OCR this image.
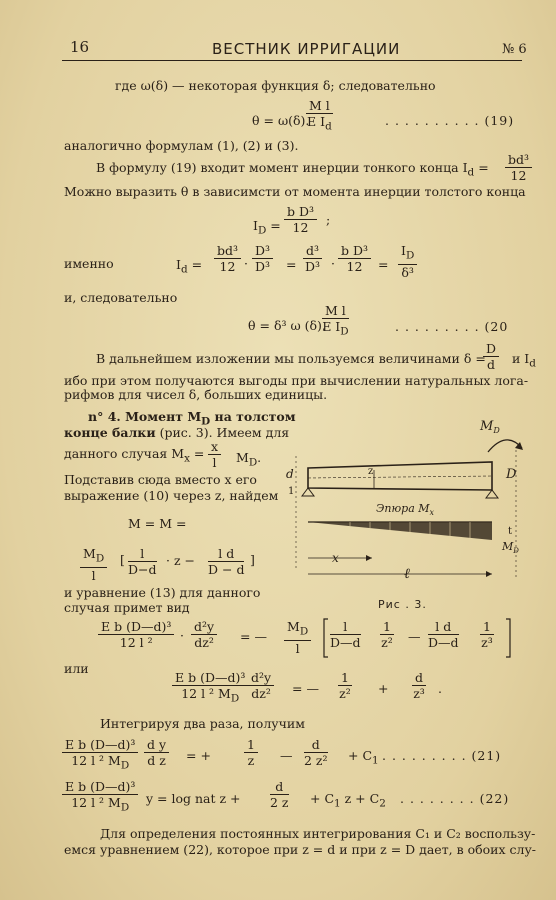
16	ВЕСТНИК ИРРИГАЦИИ	№ 6
где ω(δ) — некоторая функция δ; следовательно
θ = ω(δ).
$\frac{\text{M l}}{E I_d}$	. . . . . . . . . . (19)
аналогично формулам (1), (2) и (3).
В формулу (19) входит момент инерции тонкого конца $I_d = \frac{\text{bd³}}{12}$
Можно выразить θ в зависимсти от момента инерции толстого конца
$I_D = \frac{\text{b D³}}{12}$ ;
именно	$I_d = \frac{\text{bd³}}{12} \cdot \frac{\text{D³}}{\text{D³}} = \frac{\text{d³}}{\text{D³}} \cdot \frac{\text{b D³}}{12} = \frac{I_D}{\text{δ³}}$
и, следовательно
θ = δ³ ω (δ).
$\frac{\text{M l}}{E I_D}$	. . . . . . . . . (20
В дальнейшем изложении мы пользуемся величинами δ =
$\frac{D}{d}$ и $I_d$
ибо при этом получаются выгоды при вычислении натуральных лога-
рифмов для чисел δ, больших единицы.
n° 4. Момент $M_D$ на толстом
конце балки (рис. 3). Имеем для
данного случая $M_x = \frac{x}{l} M_D$.
Подставив сюда вместо x его
выражение (10) через z, найдем
M = M =
$\frac{M_D}{l}$ [ $\frac{l}{D-d} \cdot z - \frac{\text{l d}}{D - d}$ ]
и уравнение (13) для данного
случая примет вид
$M_D$
z
d
1
D
Эпюра $M_x$
$M_D$
t
x
ℓ
Рис . 3.
$\frac{\text{E b (D—d)³}}{\text{12 l ²}} \cdot \frac{\text{d²y}}{\text{dz²}}$ = — $\frac{M_D}{l} \frac{l}{D—d} \frac{1}{\text{z²}}$ — $\frac{\text{l d}}{D—d} \frac{1}{\text{z³}}$
или
$\frac{\text{E b (D—d)³}}{12 l ^2 M_D} \frac{\text{d²y}}{\text{dz²}}$ = — $\frac{1}{\text{z²}} + \frac{d}{\text{z³}}$ .
Интегрируя два раза, получим
$\frac{\text{E b (D—d)³}}{12 l ^2 M_D} \frac{\text{d y}}{\text{d z}}$ = +	$\frac{1}{z}$ — $\frac{d}{\text{2 z²}} + C_1$ . . . . . . . . . (21)
$\frac{\text{E b (D—d)³}}{12 l ^2 M_D}$ y = log nat $z + \frac{d}{2 z} + C_1$ $z + C_2$ . . . . . . . . (22)
Для определения постоянных интегрирования C₁ и C₂ воспользу-
емся уравнением (22), которое при z = d и при z = D дает, в обоих слу-
